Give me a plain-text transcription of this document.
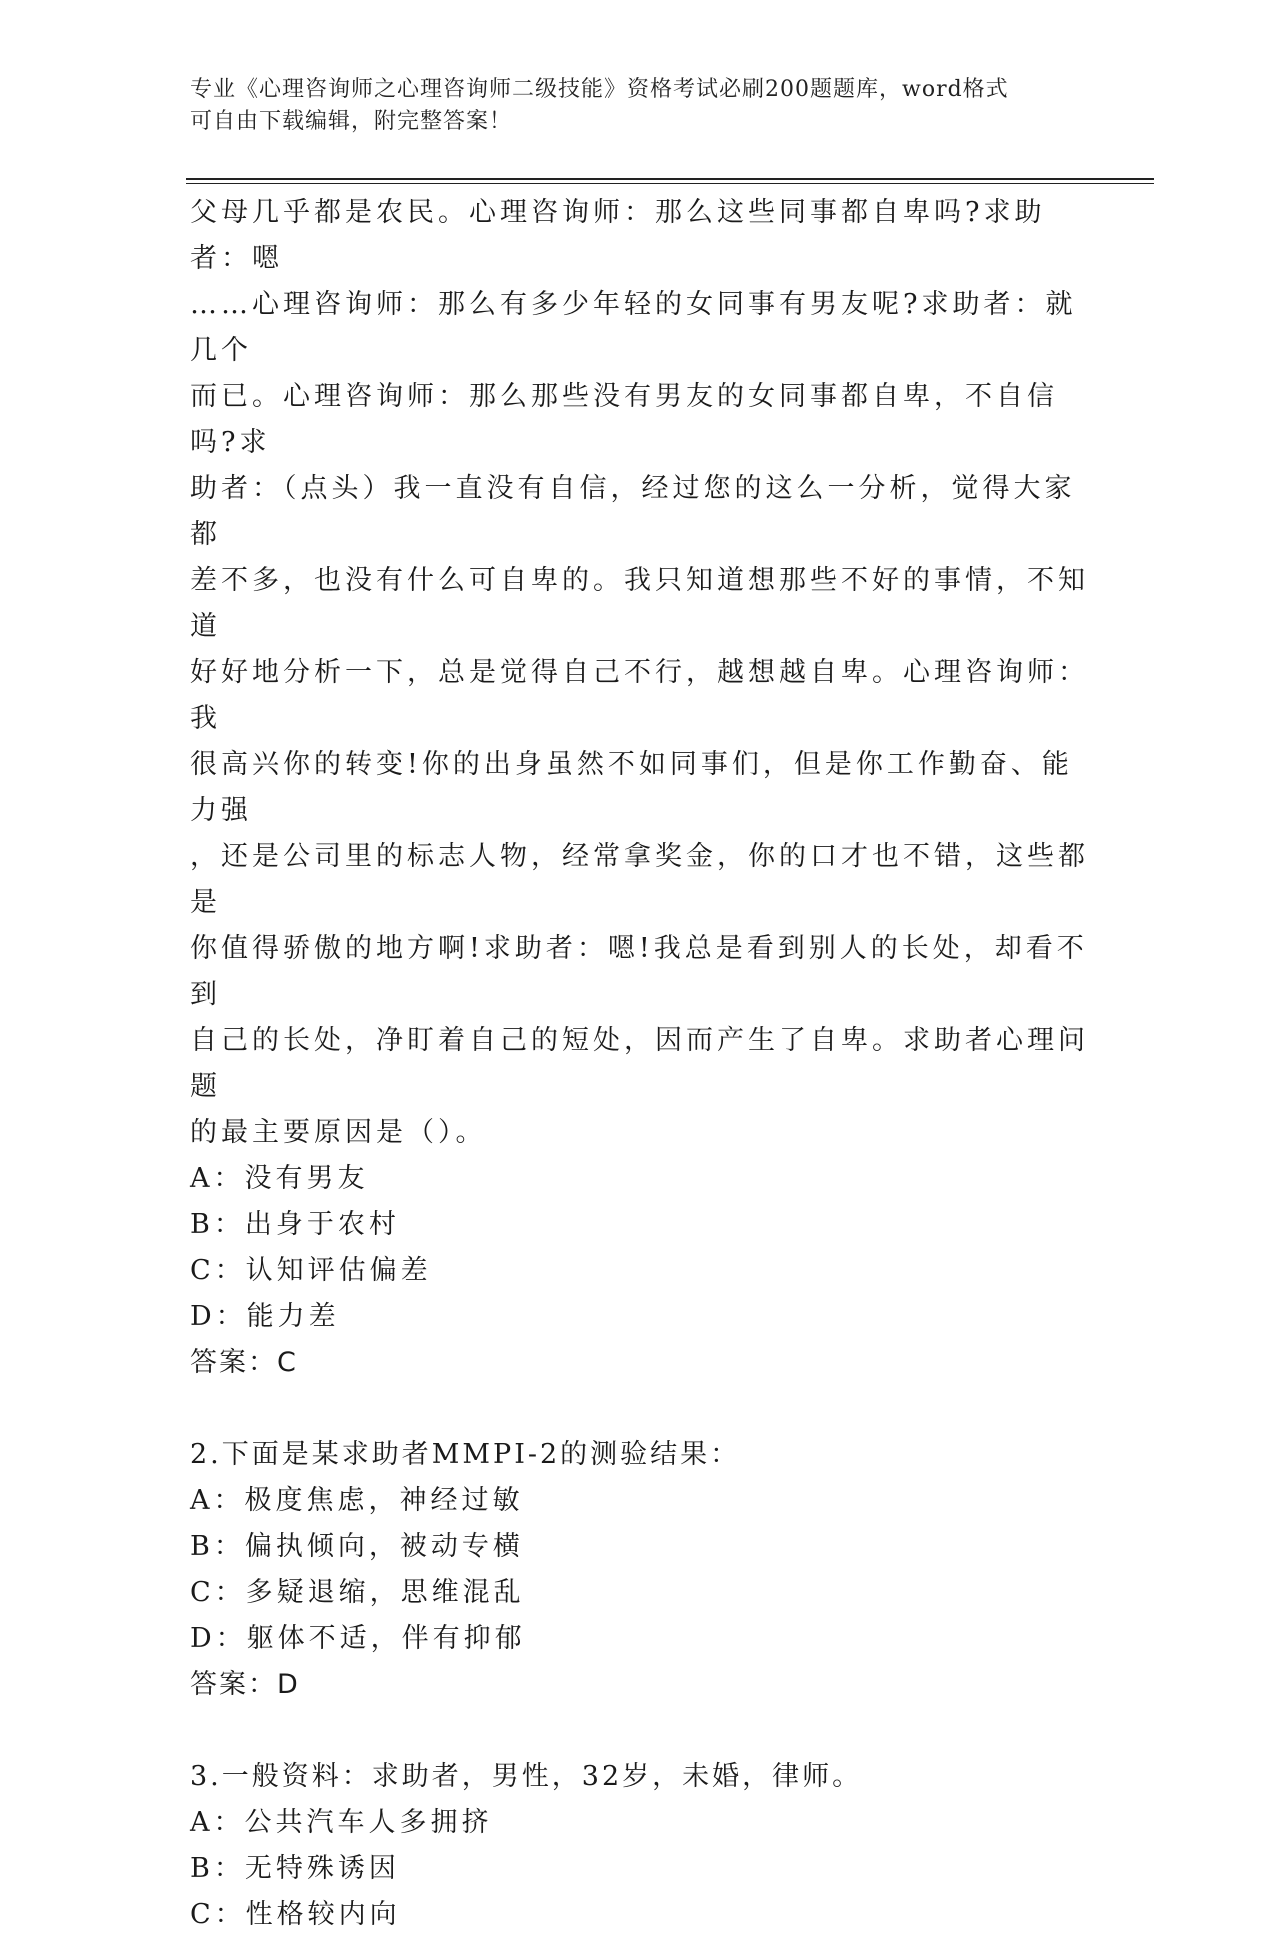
专业《心理咨询师之心理咨询师二级技能》资格考试必刷200题题库，word格式
可自由下载编辑，附完整答案！

父母几乎都是农民。心理咨询师：那么这些同事都自卑吗?求助者：嗯

……心理咨询师：那么有多少年轻的女同事有男友呢?求助者：就几个

而已。心理咨询师：那么那些没有男友的女同事都自卑，不自信吗?求

助者：（点头）我一直没有自信，经过您的这么一分析，觉得大家都

差不多，也没有什么可自卑的。我只知道想那些不好的事情，不知道

好好地分析一下，总是觉得自己不行，越想越自卑。心理咨询师：我

很高兴你的转变!你的出身虽然不如同事们，但是你工作勤奋、能力强

，还是公司里的标志人物，经常拿奖金，你的口才也不错，这些都是

你值得骄傲的地方啊!求助者：嗯!我总是看到别人的长处，却看不到

自己的长处，净盯着自己的短处，因而产生了自卑。求助者心理问题

的最主要原因是（）。

A：没有男友

B：出身于农村

C：认知评估偏差

D：能力差

答案：C

2.下面是某求助者MMPI-2的测验结果：

A：极度焦虑，神经过敏

B：偏执倾向，被动专横

C：多疑退缩，思维混乱

D：躯体不适，伴有抑郁

答案：D

3.一般资料：求助者，男性，32岁，未婚，律师。

A：公共汽车人多拥挤

B：无特殊诱因

C：性格较内向
